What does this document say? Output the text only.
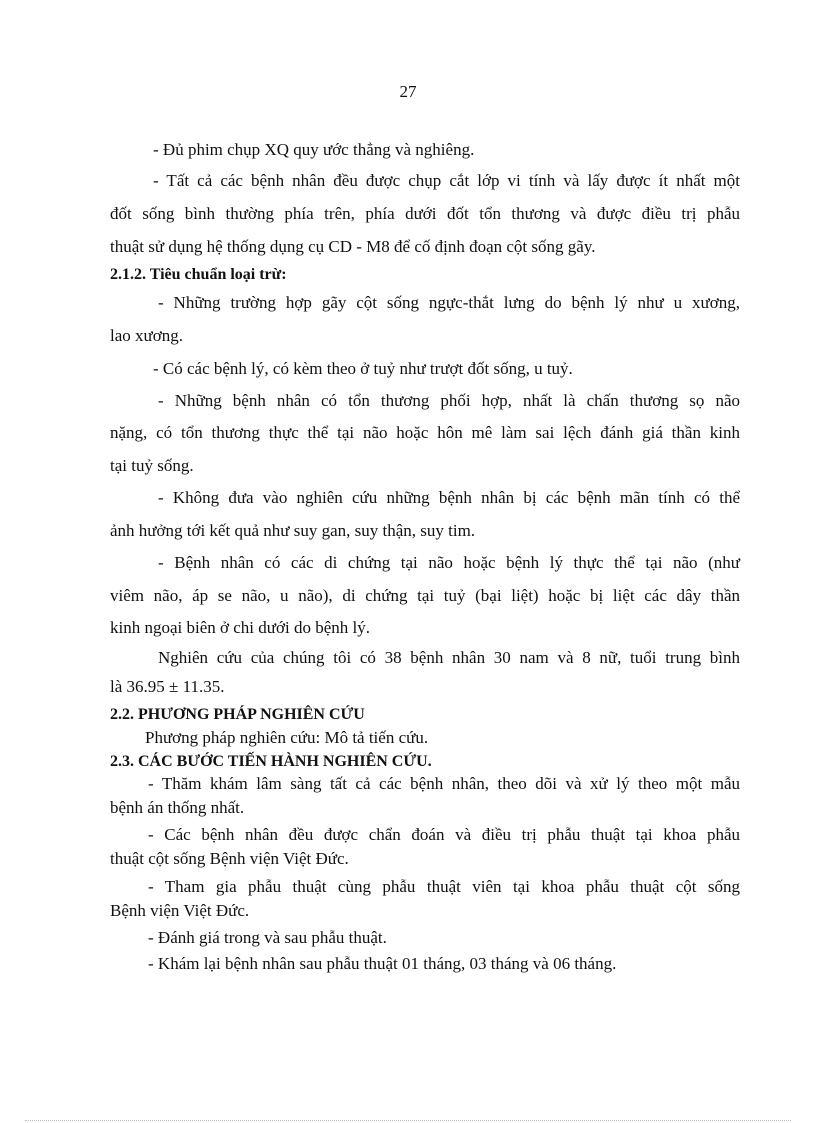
27
- Đủ phim chụp XQ quy ước thẳng và nghiêng.
- Tất cả các bệnh nhân đều được chụp cắt lớp vi tính và lấy được ít nhất một
đốt sống bình thường phía trên, phía dưới đốt tổn thương và được điều trị phẫu
thuật sử dụng hệ thống dụng cụ CD - M8 để cố định đoạn cột sống gãy.
2.1.2. Tiêu chuẩn loại trừ:
- Những trường hợp gãy cột sống ngực-thắt lưng do bệnh lý như u xương,
lao xương.
- Có các bệnh lý, có kèm theo ở tuỷ như trượt đốt sống, u tuỷ.
- Những bệnh nhân có tổn thương phối hợp, nhất là chấn thương sọ não
nặng, có tổn thương thực thể tại não hoặc hôn mê làm sai lệch đánh giá thần kinh
tại tuỷ sống.
- Không đưa vào nghiên cứu những bệnh nhân bị các bệnh mãn tính có thể
ảnh hưởng tới kết quả như suy gan, suy thận, suy tim.
- Bệnh nhân có các di chứng tại não hoặc bệnh lý thực thể tại não (như
viêm não, áp se não, u não), di chứng tại tuỷ (bại liệt) hoặc bị liệt các dây thần
kinh ngoại biên ở chi dưới do bệnh lý.
Nghiên cứu của chúng tôi có 38 bệnh nhân 30 nam và 8 nữ, tuổi trung bình
là 36.95 ± 11.35.
2.2. PHƯƠNG PHÁP NGHIÊN CỨU
Phương pháp nghiên cứu: Mô tả tiến cứu.
2.3. CÁC BƯỚC TIẾN HÀNH NGHIÊN CỨU.
- Thăm khám lâm sàng tất cả các bệnh nhân, theo dõi và xử lý theo một mẫu
bệnh án thống nhất.
- Các bệnh nhân đều được chẩn đoán và điều trị phẫu thuật tại khoa phẫu
thuật cột sống Bệnh viện Việt Đức.
- Tham gia phẫu thuật cùng phẫu thuật viên tại khoa phẫu thuật cột sống
Bệnh viện Việt Đức.
- Đánh giá trong và sau phẫu thuật.
- Khám lại bệnh nhân sau phẫu thuật 01 tháng, 03 tháng và 06 tháng.
